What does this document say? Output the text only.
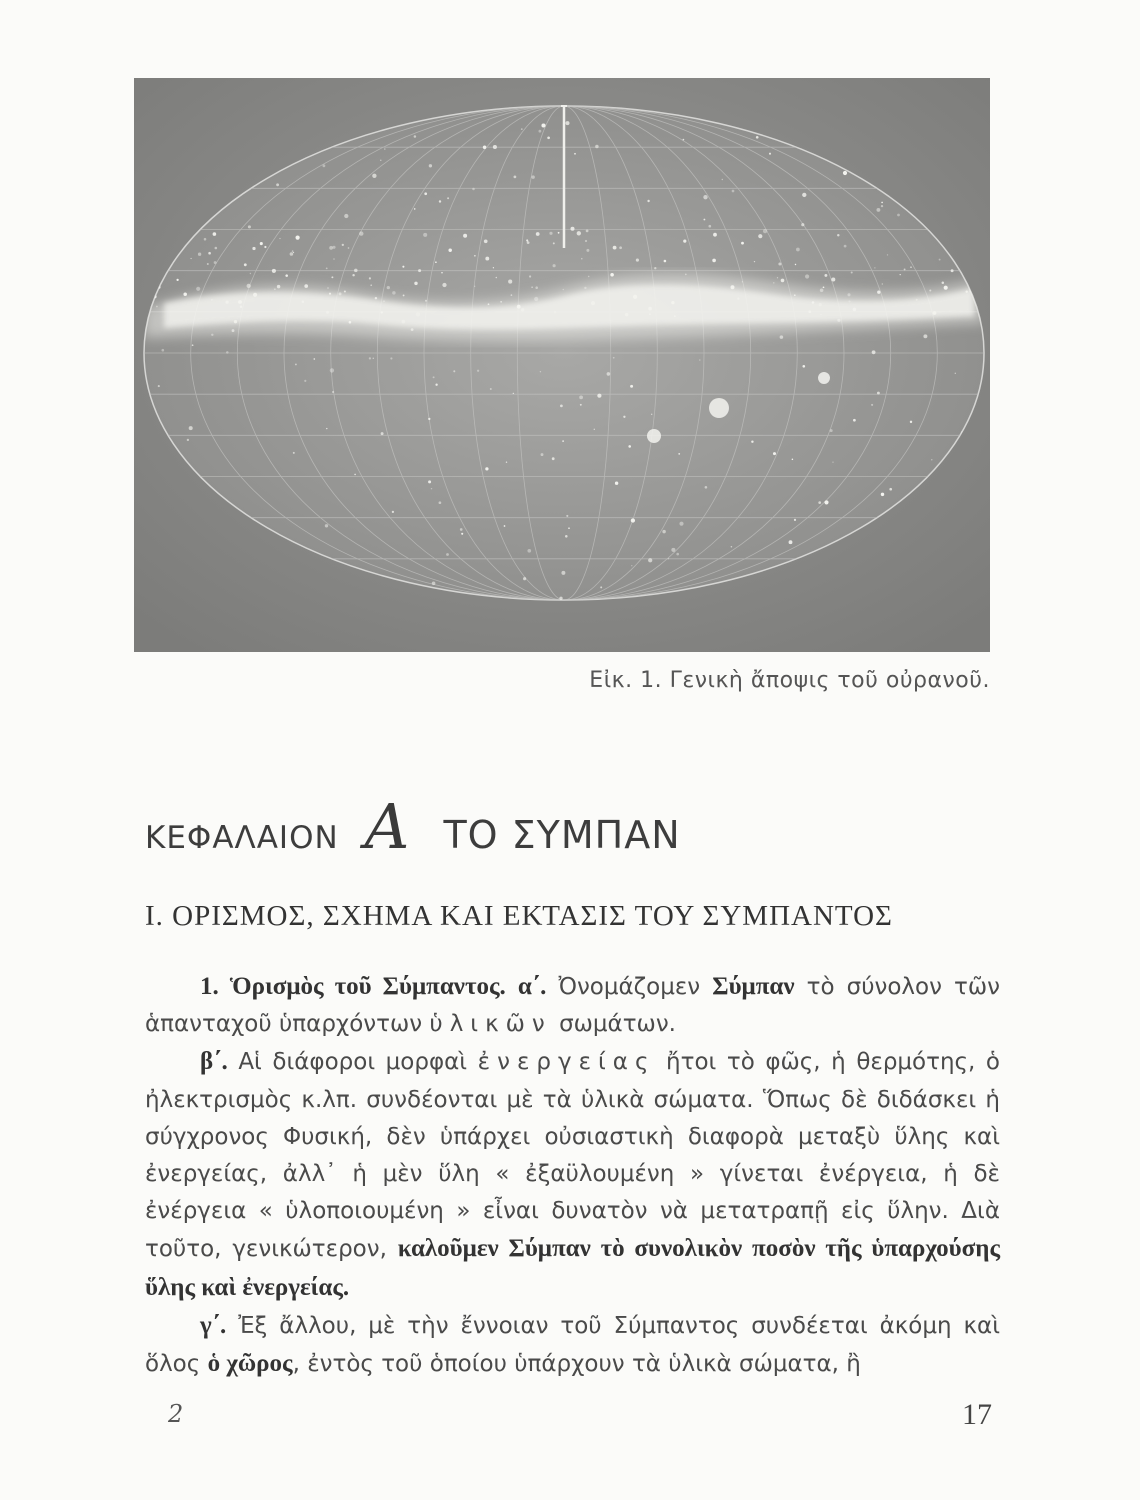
Εἰκ. 1. Γενικὴ ἄποψις τοῦ οὐρανοῦ.
ΚΕΦΑΛΑΙΟΝ Α ΤΟ ΣΥΜΠΑΝ
Ι. ΟΡΙΣΜΟΣ, ΣΧΗΜΑ ΚΑΙ ΕΚΤΑΣΙΣ ΤΟΥ ΣΥΜΠΑΝΤΟΣ

1. Ὁρισμὸς τοῦ Σύμπαντος. α΄. Ὀνομάζομεν Σύμπαν τὸ σύνολον τῶν ἁπανταχοῦ ὑπαρχόντων ὑλικῶν σωμάτων.

β΄. Αἱ διάφοροι μορφαὶ ἐνεργείας ἤτοι τὸ φῶς, ἡ θερμότης, ὁ ἠλεκτρισμὸς κ.λπ. συνδέονται μὲ τὰ ὑλικὰ σώματα. Ὅπως δὲ διδάσκει ἡ σύγχρονος Φυσική, δὲν ὑπάρχει οὐσιαστικὴ διαφορὰ μεταξὺ ὕλης καὶ ἐνεργείας, ἀλλ᾽ ἡ μὲν ὕλη « ἐξαϋλουμένη » γίνεται ἐνέργεια, ἡ δὲ ἐνέργεια « ὑλοποιουμένη » εἶναι δυνατὸν νὰ μετατραπῇ εἰς ὕλην. Διὰ τοῦτο, γενικώτερον, καλοῦμεν Σύμπαν τὸ συνολικὸν ποσὸν τῆς ὑπαρχούσης ὕλης καὶ ἐνεργείας.

γ΄. Ἐξ ἄλλου, μὲ τὴν ἔννοιαν τοῦ Σύμπαντος συνδέεται ἀκόμη καὶ ὅλος ὁ χῶρος, ἐντὸς τοῦ ὁποίου ὑπάρχουν τὰ ὑλικὰ σώματα, ἢ

2	17
